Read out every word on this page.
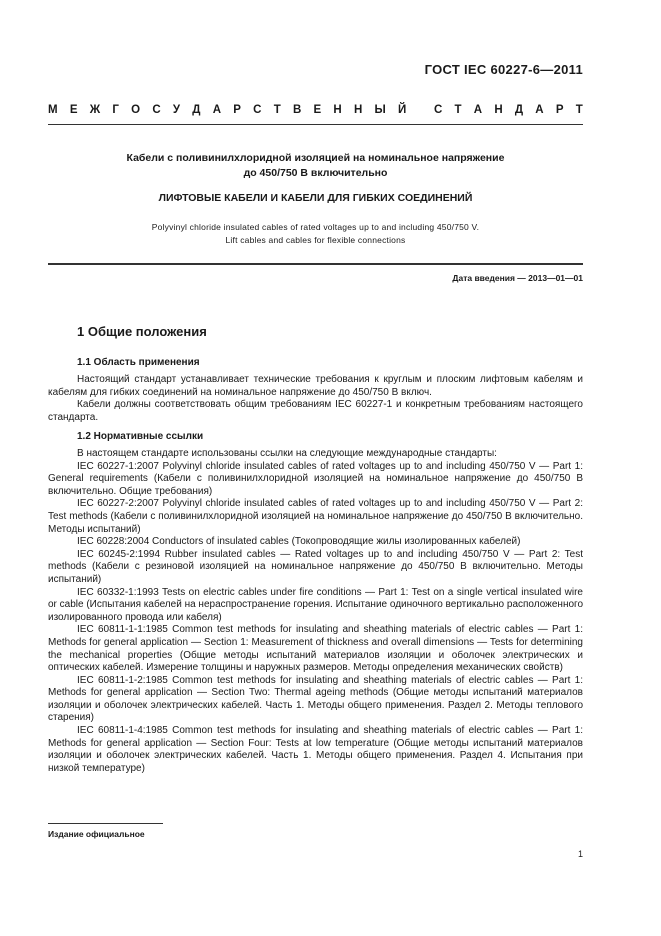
ГОСТ IEC 60227-6—2011
М Е Ж Г О С У Д А Р С Т В Е Н Н Ы Й
С Т А Н Д А Р Т
Кабели с поливинилхлоридной изоляцией на номинальное напряжение
до 450/750 В включительно
ЛИФТОВЫЕ КАБЕЛИ И КАБЕЛИ ДЛЯ ГИБКИХ СОЕДИНЕНИЙ
Polyvinyl chloride insulated cables of rated voltages up to and including 450/750 V.
Lift cables and cables for flexible connections
Дата введения — 2013—01—01
1 Общие положения
1.1 Область применения

Настоящий стандарт устанавливает технические требования к круглым и плоским лифтовым кабелям и кабелям для гибких соединений на номинальное напряжение до 450/750 В включ.

Кабели должны соответствовать общим требованиям IEC 60227-1 и конкретным требованиям настоящего стандарта.

1.2 Нормативные ссылки

В настоящем стандарте использованы ссылки на следующие международные стандарты:

IEC 60227-1:2007 Polyvinyl chloride insulated cables of rated voltages up to and including 450/750 V — Part 1: General requirements (Кабели с поливинилхлоридной изоляцией на номинальное напряжение до 450/750 В включительно. Общие требования)

IEC 60227-2:2007 Polyvinyl chloride insulated cables of rated voltages up to and including 450/750 V — Part 2: Test methods (Кабели с поливинилхлоридной изоляцией на номинальное напряжение до 450/750 В включительно. Методы испытаний)

IEC 60228:2004 Conductors of insulated cables (Токопроводящие жилы изолированных кабелей)

IEC 60245-2:1994 Rubber insulated cables — Rated voltages up to and including 450/750 V — Part 2: Test methods (Кабели с резиновой изоляцией на номинальное напряжение до 450/750 В включительно. Методы испытаний)

IEC 60332-1:1993 Tests on electric cables under fire conditions — Part 1: Test on a single vertical insulated wire or cable (Испытания кабелей на нераспространение горения. Испытание одиночного вертикально расположенного изолированного провода или кабеля)

IEC 60811-1-1:1985 Common test methods for insulating and sheathing materials of electric cables — Part 1: Methods for general application — Section 1: Measurement of thickness and overall dimensions — Tests for determining the mechanical properties (Общие методы испытаний материалов изоляции и оболочек электрических и оптических кабелей. Измерение толщины и наружных размеров. Методы определения механических свойств)

IEC 60811-1-2:1985 Common test methods for insulating and sheathing materials of electric cables — Part 1: Methods for general application — Section Two: Thermal ageing methods (Общие методы испытаний материалов изоляции и оболочек электрических кабелей. Часть 1. Методы общего применения. Раздел 2. Методы теплового старения)

IEC 60811-1-4:1985 Common test methods for insulating and sheathing materials of electric cables — Part 1: Methods for general application — Section Four: Tests at low temperature (Общие методы испытаний материалов изоляции и оболочек электрических кабелей. Часть 1. Методы общего применения. Раздел 4. Испытания при низкой температуре)

Издание официальное
1
